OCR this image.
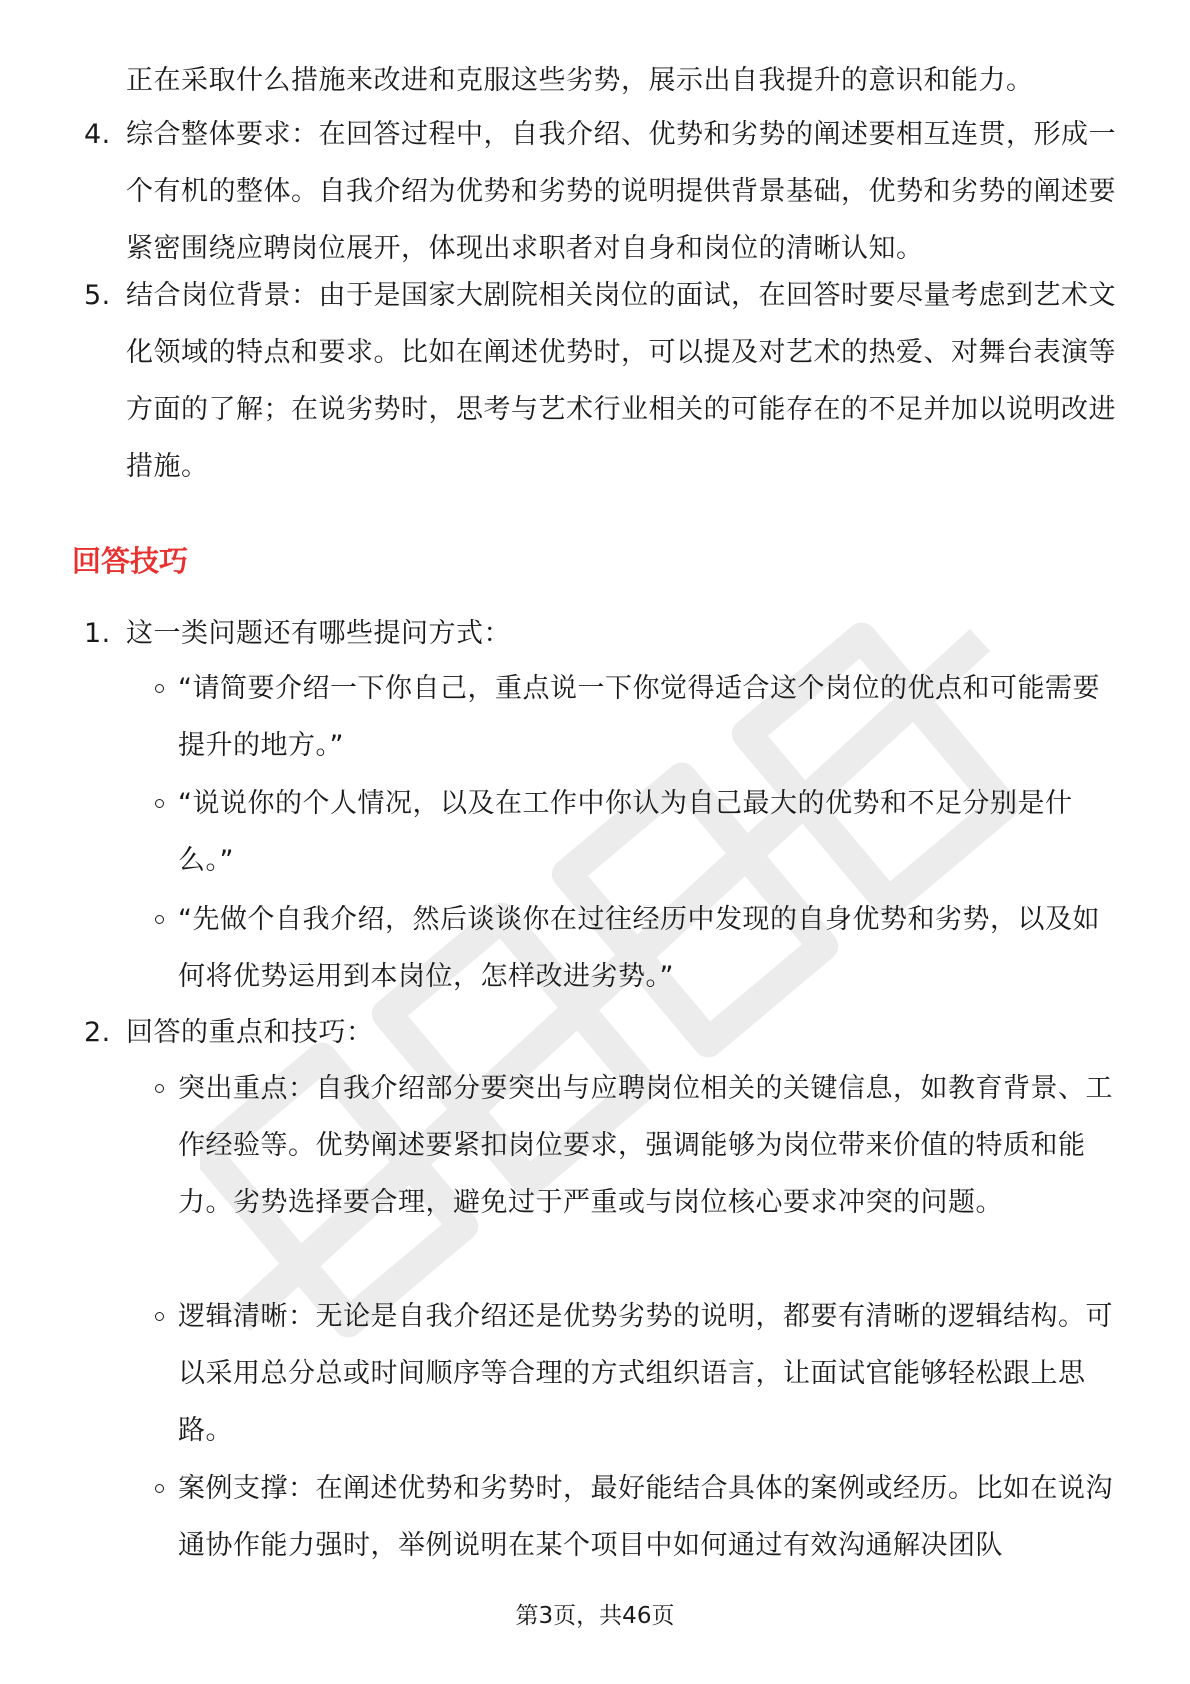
正在采取什么措施来改进和克服这些劣势，展示出自我提升的意识和能力。
4. 综合整体要求：在回答过程中，自我介绍、优势和劣势的阐述要相互连贯，形成一个有机的整体。自我介绍为优势和劣势的说明提供背景基础，优势和劣势的阐述要紧密围绕应聘岗位展开，体现出求职者对自身和岗位的清晰认知。
5. 结合岗位背景：由于是国家大剧院相关岗位的面试，在回答时要尽量考虑到艺术文化领域的特点和要求。比如在阐述优势时，可以提及对艺术的热爱、对舞台表演等方面的了解；在说劣势时，思考与艺术行业相关的可能存在的不足并加以说明改进措施。
回答技巧
1. 这一类问题还有哪些提问方式：
“请简要介绍一下你自己，重点说一下你觉得适合这个岗位的优点和可能需要提升的地方。”
“说说你的个人情况，以及在工作中你认为自己最大的优势和不足分别是什么。”
“先做个自我介绍，然后谈谈你在过往经历中发现的自身优势和劣势，以及如何将优势运用到本岗位，怎样改进劣势。”
2. 回答的重点和技巧：
突出重点：自我介绍部分要突出与应聘岗位相关的关键信息，如教育背景、工作经验等。优势阐述要紧扣岗位要求，强调能够为岗位带来价值的特质和能力。劣势选择要合理，避免过于严重或与岗位核心要求冲突的问题。
逻辑清晰：无论是自我介绍还是优势劣势的说明，都要有清晰的逻辑结构。可以采用总分总或时间顺序等合理的方式组织语言，让面试官能够轻松跟上思路。
案例支撑：在阐述优势和劣势时，最好能结合具体的案例或经历。比如在说沟通协作能力强时，举例说明在某个项目中如何通过有效沟通解决团队
第3页，共46页
